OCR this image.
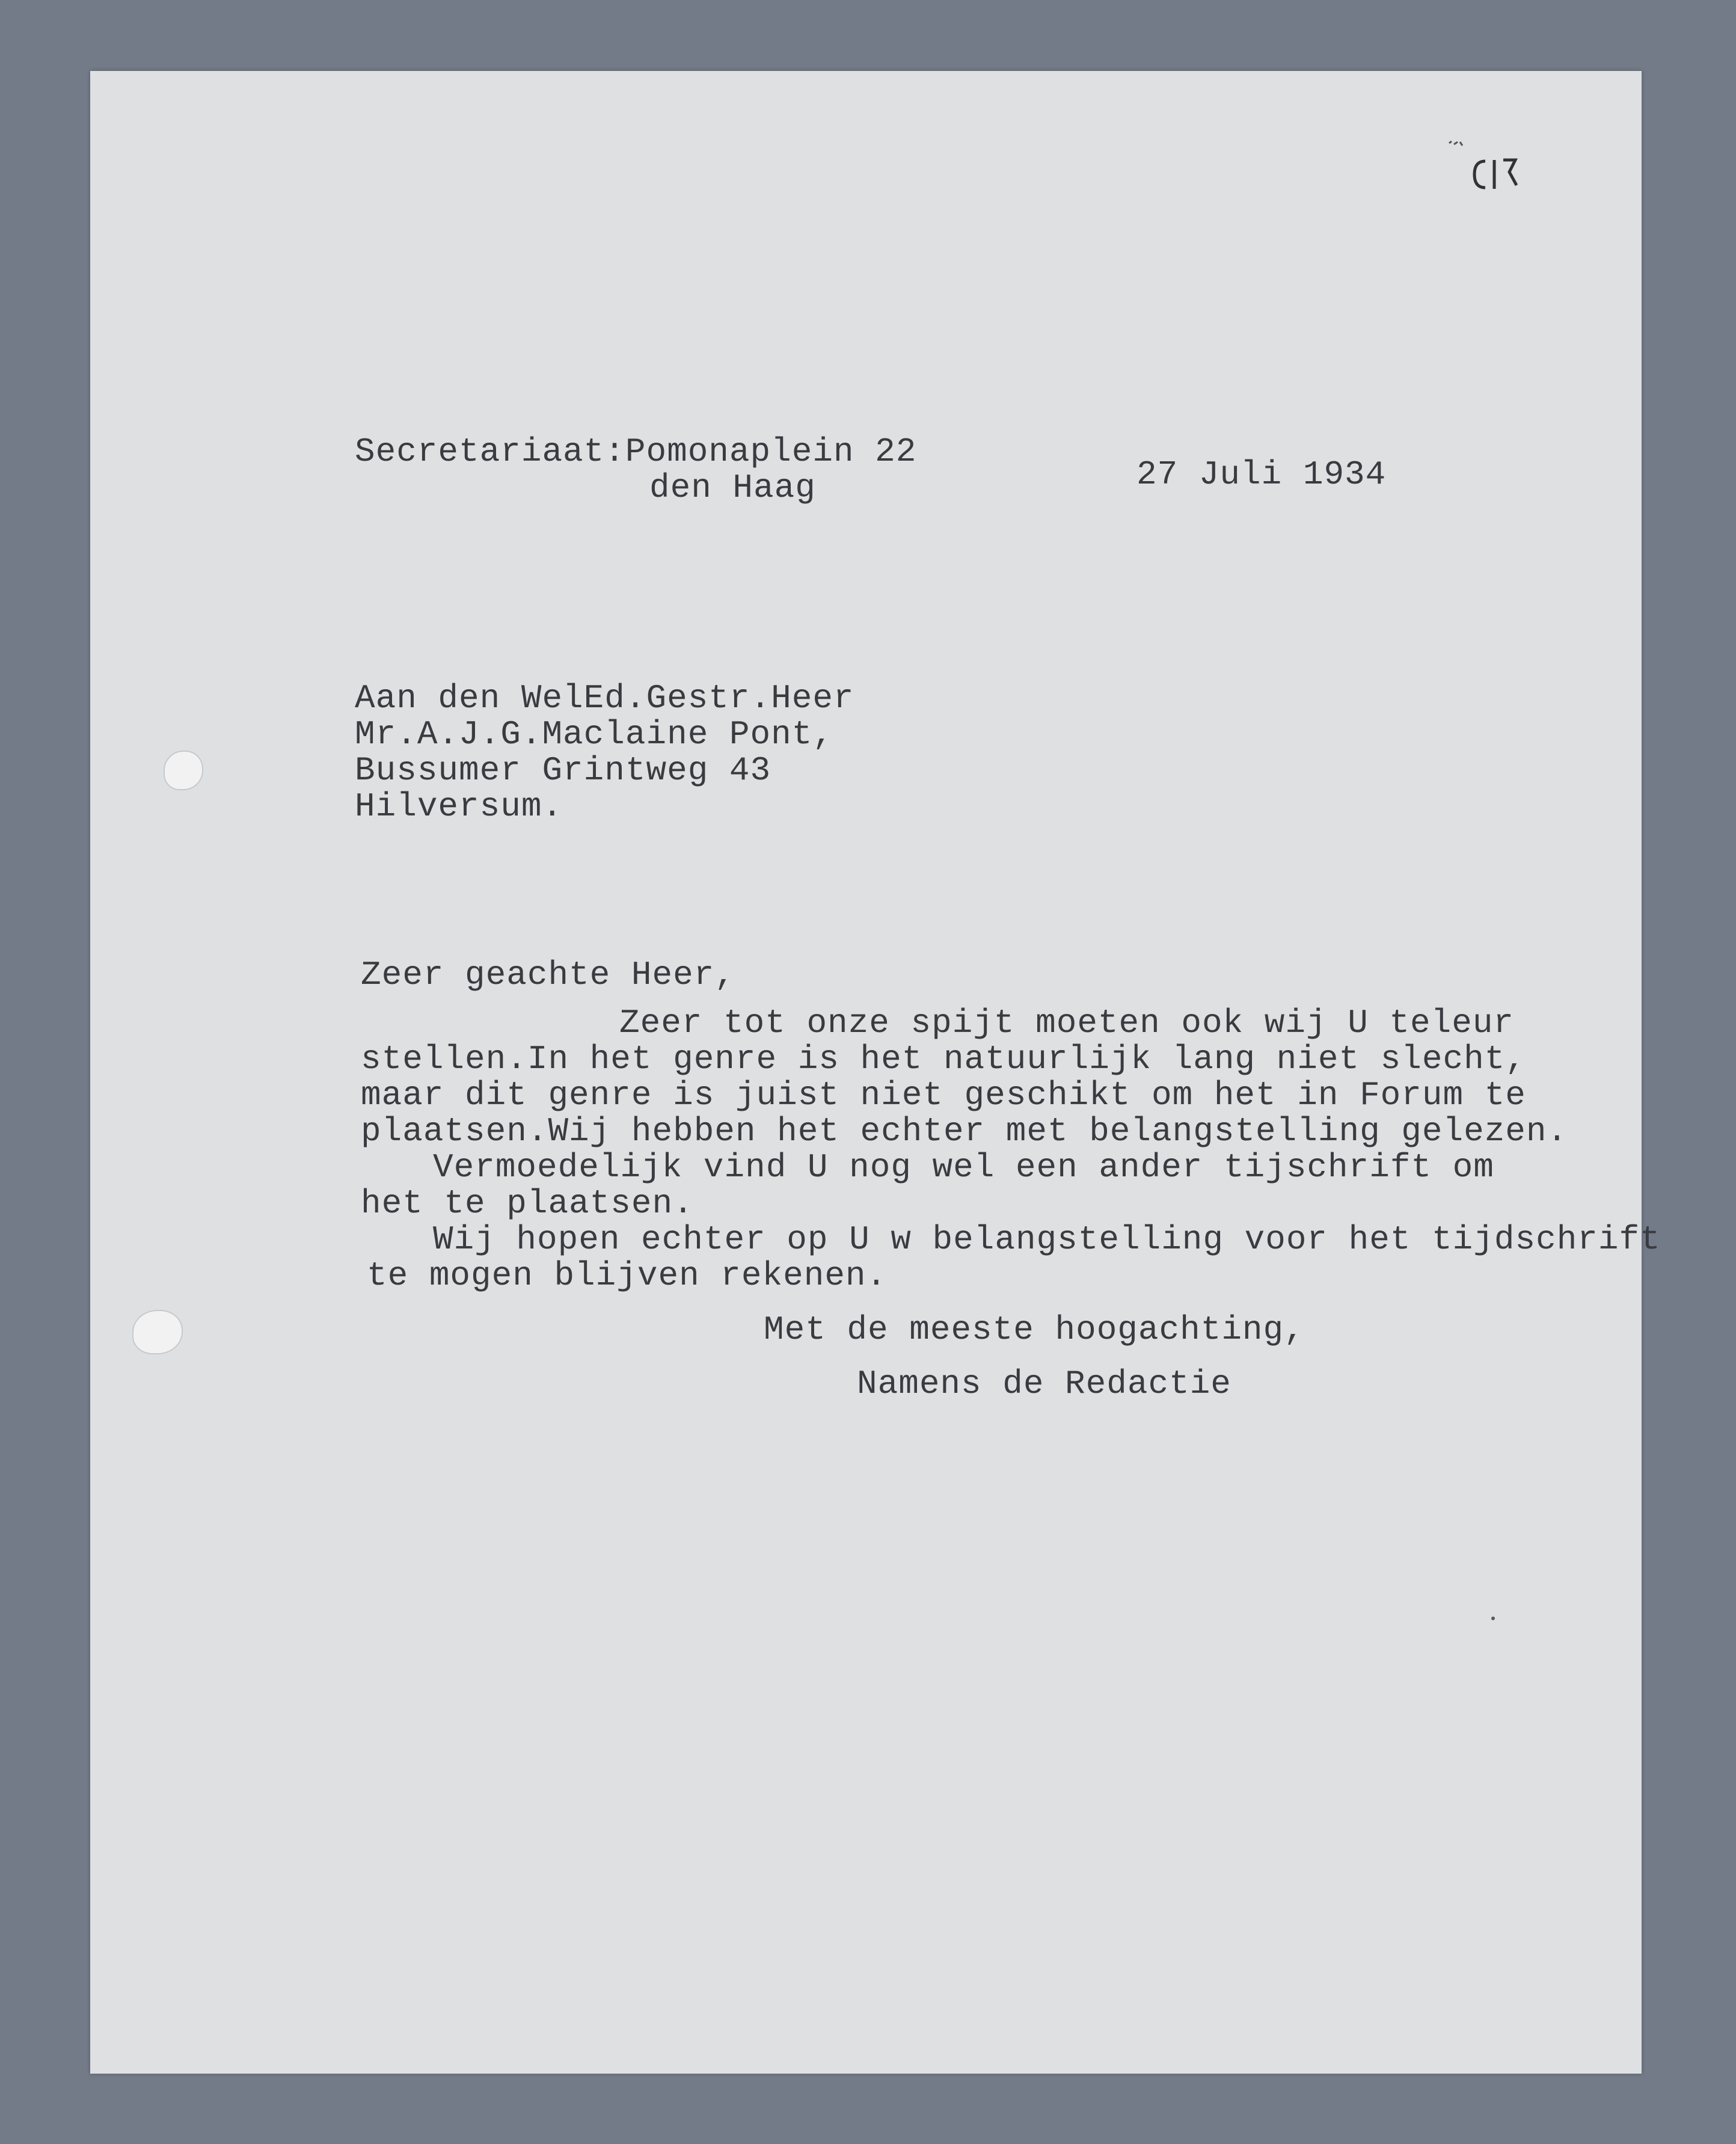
Secretariaat:Pomonaplein 22
den Haag	27 Juli 1934
Aan den WelEd.Gestr.Heer
Mr.A.J.G.Maclaine Pont,
Bussumer Grintweg 43
Hilversum.
Zeer geachte Heer,
Zeer tot onze spijt moeten ook wij U teleur
stellen.In het genre is het natuurlijk lang niet slecht,
maar dit genre is juist niet geschikt om het in Forum te
plaatsen.Wij hebben het echter met belangstelling gelezen.
Vermoedelijk vind U nog wel een ander tijschrift om
het te plaatsen.
Wij hopen echter op U w belangstelling voor het tijdschrift
te mogen blijven rekenen.
Met de meeste hoogachting,
Namens de Redactie
